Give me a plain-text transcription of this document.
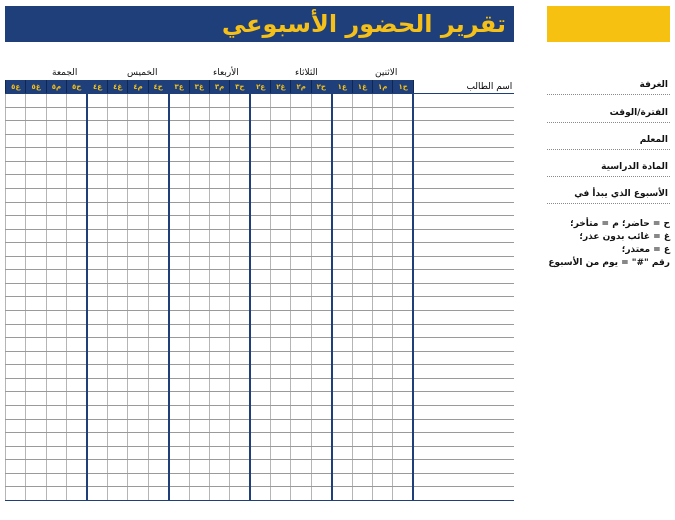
تقرير الحضور الأسبوعي
الاثنين
الثلاثاء
الأربعاء
الخميس
الجمعة
اسم الطالب	ح١	م١	غ١	ع١	ح٢	م٢	غ٢	ع٢	ح٣	م٣	غ٣	ع٣	ح٤	م٤	غ٤	ع٤	ح٥	م٥	غ٥	ع٥

																					الغرفة
الفترة/الوقت
المعلم
المادة الدراسية
الأسبوع الذي يبدأ في
ح = حاضر؛ م = متأخر؛
غ = غائب بدون عذر؛
ع = معتذر؛
رقم "#" = يوم من الأسبوع
